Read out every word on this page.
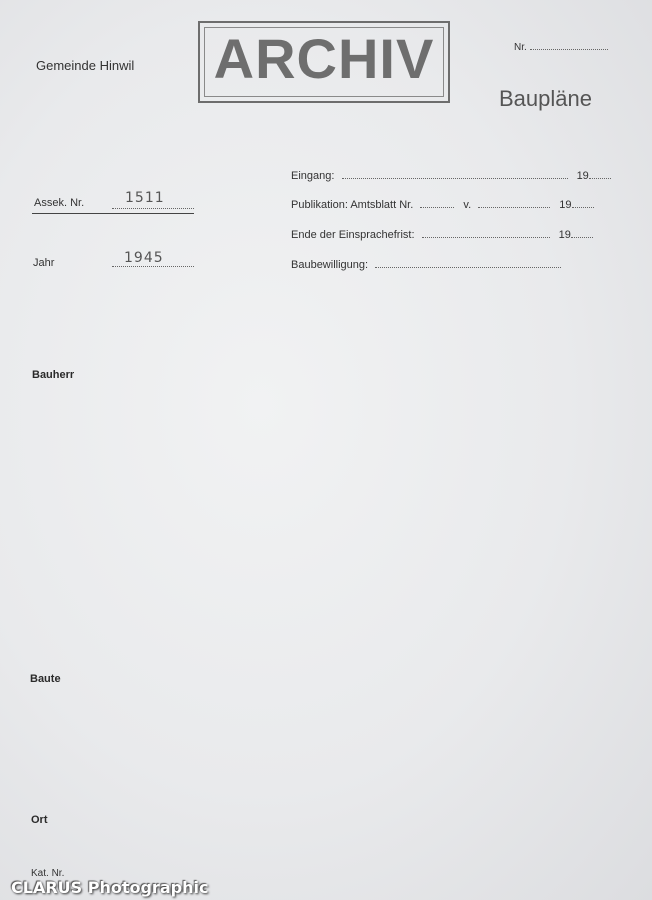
Gemeinde Hinwil ARCHIV	Nr.
Baupläne
Assek. Nr.	1511
Jahr	1945
Eingang:	19
Publikation: Amtsblatt Nr.	v.	19
Ende der Einsprachefrist:	19
Baubewilligung:
Bauherr
Baute
Ort
Kat. Nr.
CLARUS Photographic
